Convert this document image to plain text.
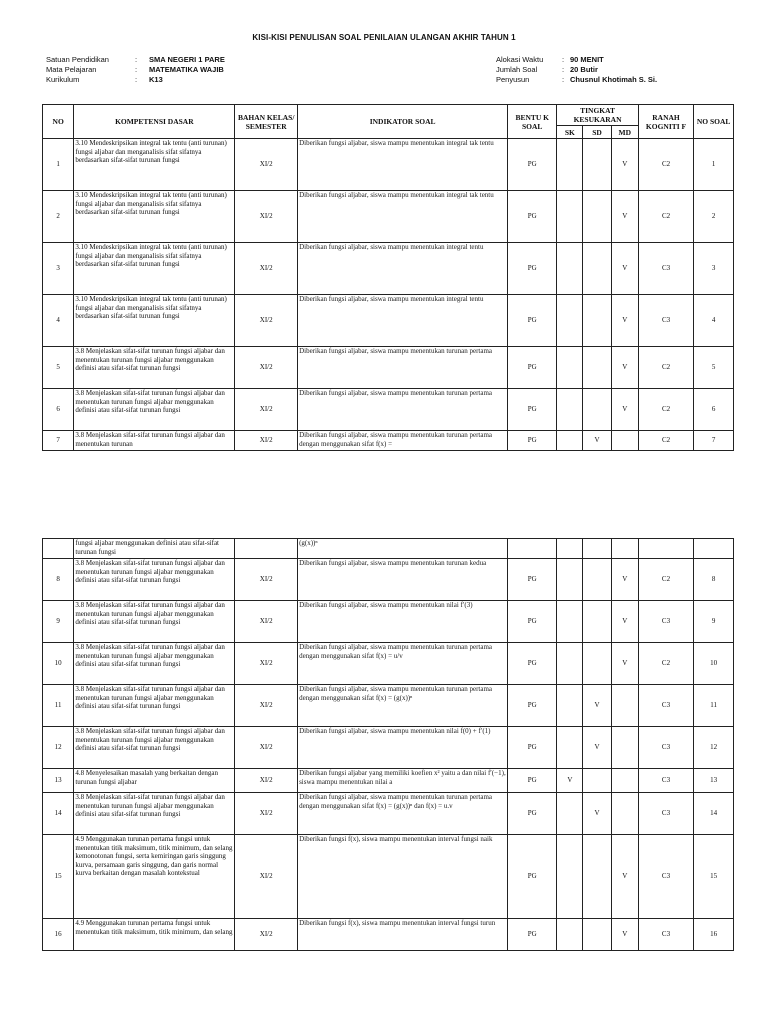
KISI-KISI PENULISAN SOAL PENILAIAN ULANGAN AKHIR TAHUN 1
Satuan Pendidikan	:	SMA NEGERI 1 PARE
Mata Pelajaran	:	MATEMATIKA WAJIB
Kurikulum	:	K13
Alokasi Waktu	: 90 MENIT
Jumlah Soal	: 20 Butir
Penyusun	: Chusnul Khotimah S. Si.
NO	KOMPETENSI DASAR	BAHAN KELAS/ SEMESTER	INDIKATOR SOAL	BENTU K SOAL	TINGKAT KESUKARAN			RANAH KOGNITI F	NO SOAL
					SK	SD	MD		
1	3.10 Mendeskripsikan integral tak tentu (anti turunan) fungsi aljabar dan menganalisis sifat sifatnya berdasarkan sifat-sifat turunan fungsi	XI/2	Diberikan fungsi aljabar, siswa mampu menentukan integral tak tentu	PG			V	C2	1
2	3.10 Mendeskripsikan integral tak tentu (anti turunan) fungsi aljabar dan menganalisis sifat sifatnya berdasarkan sifat-sifat turunan fungsi	XI/2	Diberikan fungsi aljabar, siswa mampu menentukan integral tak tentu	PG			V	C2	2
3	3.10 Mendeskripsikan integral tak tentu (anti turunan) fungsi aljabar dan menganalisis sifat sifatnya berdasarkan sifat-sifat turunan fungsi	XI/2	Diberikan fungsi aljabar, siswa mampu menentukan integral tentu	PG			V	C3	3
4	3.10 Mendeskripsikan integral tak tentu (anti turunan) fungsi aljabar dan menganalisis sifat sifatnya berdasarkan sifat-sifat turunan fungsi	XI/2	Diberikan fungsi aljabar, siswa mampu menentukan integral tentu	PG			V	C3	4
5	3.8 Menjelaskan sifat-sifat turunan fungsi aljabar dan menentukan turunan fungsi aljabar menggunakan definisi atau sifat-sifat turunan fungsi	XI/2	Diberikan fungsi aljabar, siswa mampu menentukan turunan pertama	PG			V	C2	5
6	3.8 Menjelaskan sifat-sifat turunan fungsi aljabar dan menentukan turunan fungsi aljabar menggunakan definisi atau sifat-sifat turunan fungsi	XI/2	Diberikan fungsi aljabar, siswa mampu menentukan turunan pertama	PG			V	C2	6
7	3.8 Menjelaskan sifat-sifat turunan fungsi aljabar dan menentukan turunan	XI/2	Diberikan fungsi aljabar, siswa mampu menentukan turunan pertama dengan menggunakan sifat f(x) =	PG		V		C2	7
	fungsi aljabar menggunakan definisi atau sifat-sifat turunan fungsi		(g(x))ⁿ						
8	3.8 Menjelaskan sifat-sifat turunan fungsi aljabar dan menentukan turunan fungsi aljabar menggunakan definisi atau sifat-sifat turunan fungsi	XI/2	Diberikan fungsi aljabar, siswa mampu menentukan turunan kedua	PG			V	C2	8
9	3.8 Menjelaskan sifat-sifat turunan fungsi aljabar dan menentukan turunan fungsi aljabar menggunakan definisi atau sifat-sifat turunan fungsi	XI/2	Diberikan fungsi aljabar, siswa mampu menentukan nilai f′(3)	PG			V	C3	9
10	3.8 Menjelaskan sifat-sifat turunan fungsi aljabar dan menentukan turunan fungsi aljabar menggunakan definisi atau sifat-sifat turunan fungsi	XI/2	Diberikan fungsi aljabar, siswa mampu menentukan turunan pertama dengan menggunakan sifat f(x) = u/v	PG			V	C2	10
11	3.8 Menjelaskan sifat-sifat turunan fungsi aljabar dan menentukan turunan fungsi aljabar menggunakan definisi atau sifat-sifat turunan fungsi	XI/2	Diberikan fungsi aljabar, siswa mampu menentukan turunan pertama dengan menggunakan sifat f(x) = (g(x))ⁿ	PG		V		C3	11
12	3.8 Menjelaskan sifat-sifat turunan fungsi aljabar dan menentukan turunan fungsi aljabar menggunakan definisi atau sifat-sifat turunan fungsi	XI/2	Diberikan fungsi aljabar, siswa mampu menentukan nilai f(0) + f′(1)	PG		V		C3	12
13	4.8 Menyelesaikan masalah yang berkaitan dengan turunan fungsi aljabar	XI/2	Diberikan fungsi aljabar yang memiliki koefien x² yaitu a dan nilai f′(−1), siswa mampu menentukan nilai a	PG	V			C3	13
14	3.8 Menjelaskan sifat-sifat turunan fungsi aljabar dan menentukan turunan fungsi aljabar menggunakan definisi atau sifat-sifat turunan fungsi	XI/2	Diberikan fungsi aljabar, siswa mampu menentukan turunan pertama dengan menggunakan sifat f(x) = (g(x))ⁿ dan f(x) = u.v	PG		V		C3	14
15	4.9 Menggunakan turunan pertama fungsi untuk menentukan titik maksimum, titik minimum, dan selang kemonotonan fungsi, serta kemiringan garis singgung kurva, persamaan garis singgung, dan garis normal kurva berkaitan dengan masalah kontekstual	XI/2	Diberikan fungsi f(x), siswa mampu menentukan interval fungsi naik	PG			V	C3	15
16	4.9 Menggunakan turunan pertama fungsi untuk menentukan titik maksimum, titik minimum, dan selang	XI/2	Diberikan fungsi f(x), siswa mampu menentukan interval fungsi turun	PG			V	C3	16
